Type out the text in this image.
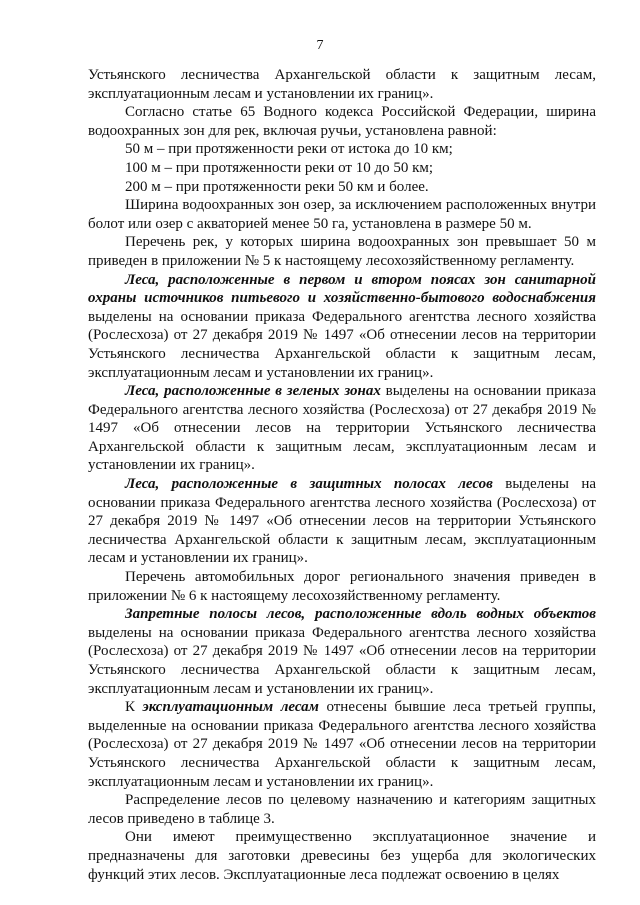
7

Устьянского лесничества Архангельской области к защитным лесам, эксплуатационным лесам и установлении их границ».

Согласно статье 65 Водного кодекса Российской Федерации, ширина водоохранных зон для рек, включая ручьи, установлена равной:

50 м – при протяженности реки от истока до 10 км;

100 м – при протяженности реки от 10 до 50 км;

200 м – при протяженности реки 50 км и более.

Ширина водоохранных зон озер, за исключением расположенных внутри болот или озер с акваторией менее 50 га, установлена в размере 50 м.

Перечень рек, у которых ширина водоохранных зон превышает 50 м приведен в приложении № 5 к настоящему лесохозяйственному регламенту.

Леса, расположенные в первом и втором поясах зон санитарной охраны источников питьевого и хозяйственно-бытового водоснабжения выделены на основании приказа Федерального агентства лесного хозяйства (Рослесхоза) от 27 декабря 2019 № 1497 «Об отнесении лесов на территории Устьянского лесничества Архангельской области к защитным лесам, эксплуатационным лесам и установлении их границ».

Леса, расположенные в зеленых зонах выделены на основании приказа Федерального агентства лесного хозяйства (Рослесхоза) от 27 декабря 2019 № 1497 «Об отнесении лесов на территории Устьянского лесничества Архангельской области к защитным лесам, эксплуатационным лесам и установлении их границ».

Леса, расположенные в защитных полосах лесов выделены на основании приказа Федерального агентства лесного хозяйства (Рослесхоза) от 27 декабря 2019 № 1497 «Об отнесении лесов на территории Устьянского лесничества Архангельской области к защитным лесам, эксплуатационным лесам и установлении их границ».

Перечень автомобильных дорог регионального значения приведен в приложении № 6 к настоящему лесохозяйственному регламенту.

Запретные полосы лесов, расположенные вдоль водных объектов выделены на основании приказа Федерального агентства лесного хозяйства (Рослесхоза) от 27 декабря 2019 № 1497 «Об отнесении лесов на территории Устьянского лесничества Архангельской области к защитным лесам, эксплуатационным лесам и установлении их границ».

К эксплуатационным лесам отнесены бывшие леса третьей группы, выделенные на основании приказа Федерального агентства лесного хозяйства (Рослесхоза) от 27 декабря 2019 № 1497 «Об отнесении лесов на территории Устьянского лесничества Архангельской области к защитным лесам, эксплуатационным лесам и установлении их границ».

Распределение лесов по целевому назначению и категориям защитных лесов приведено в таблице 3.

Они имеют преимущественно эксплуатационное значение и предназначены для заготовки древесины без ущерба для экологических функций этих лесов. Эксплуатационные леса подлежат освоению в целях
